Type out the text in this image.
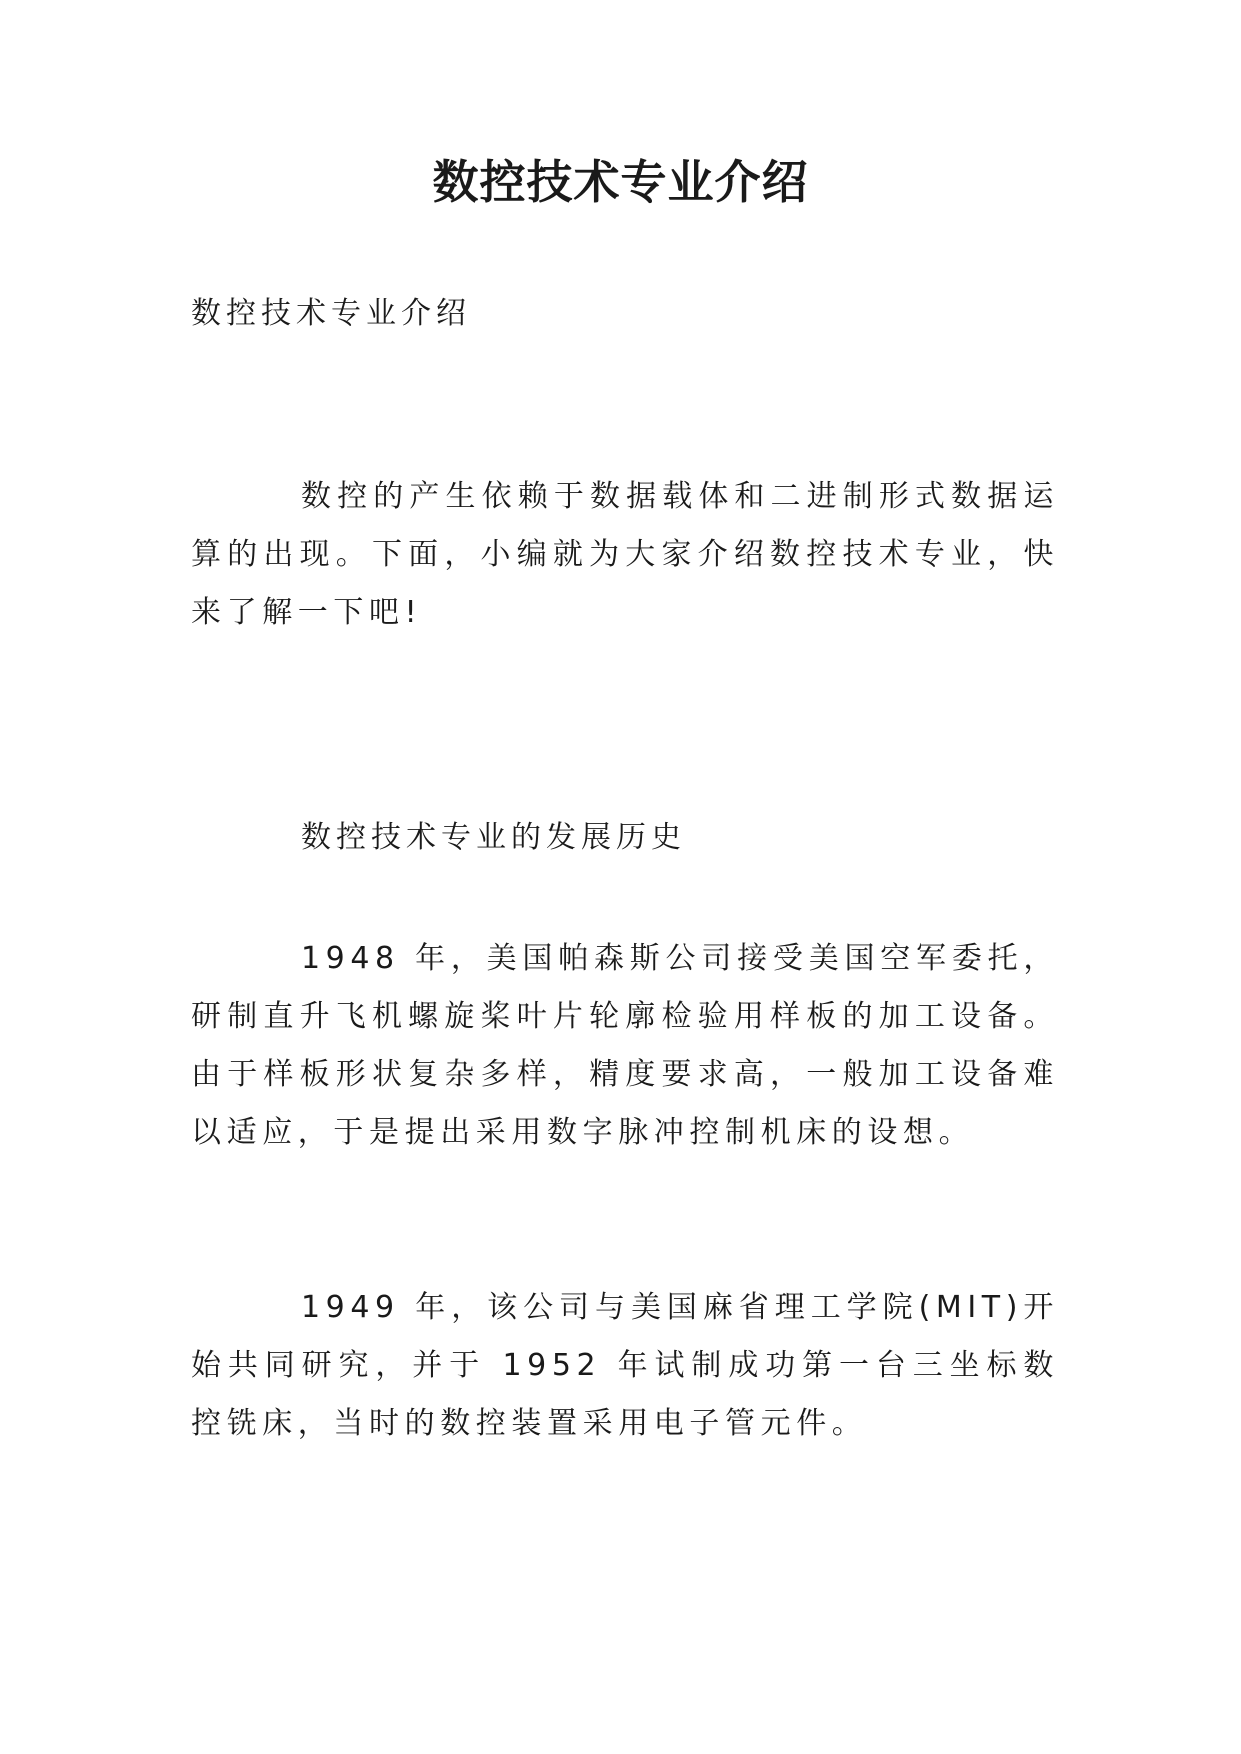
数控技术专业介绍

数控技术专业介绍

数控的产生依赖于数据载体和二进制形式数据运算的出现。下面，小编就为大家介绍数控技术专业，快来了解一下吧!

数控技术专业的发展历史

1948 年，美国帕森斯公司接受美国空军委托，研制直升飞机螺旋桨叶片轮廓检验用样板的加工设备。由于样板形状复杂多样，精度要求高，一般加工设备难以适应，于是提出采用数字脉冲控制机床的设想。

1949 年，该公司与美国麻省理工学院(MIT)开始共同研究，并于 1952 年试制成功第一台三坐标数控铣床，当时的数控装置采用电子管元件。
